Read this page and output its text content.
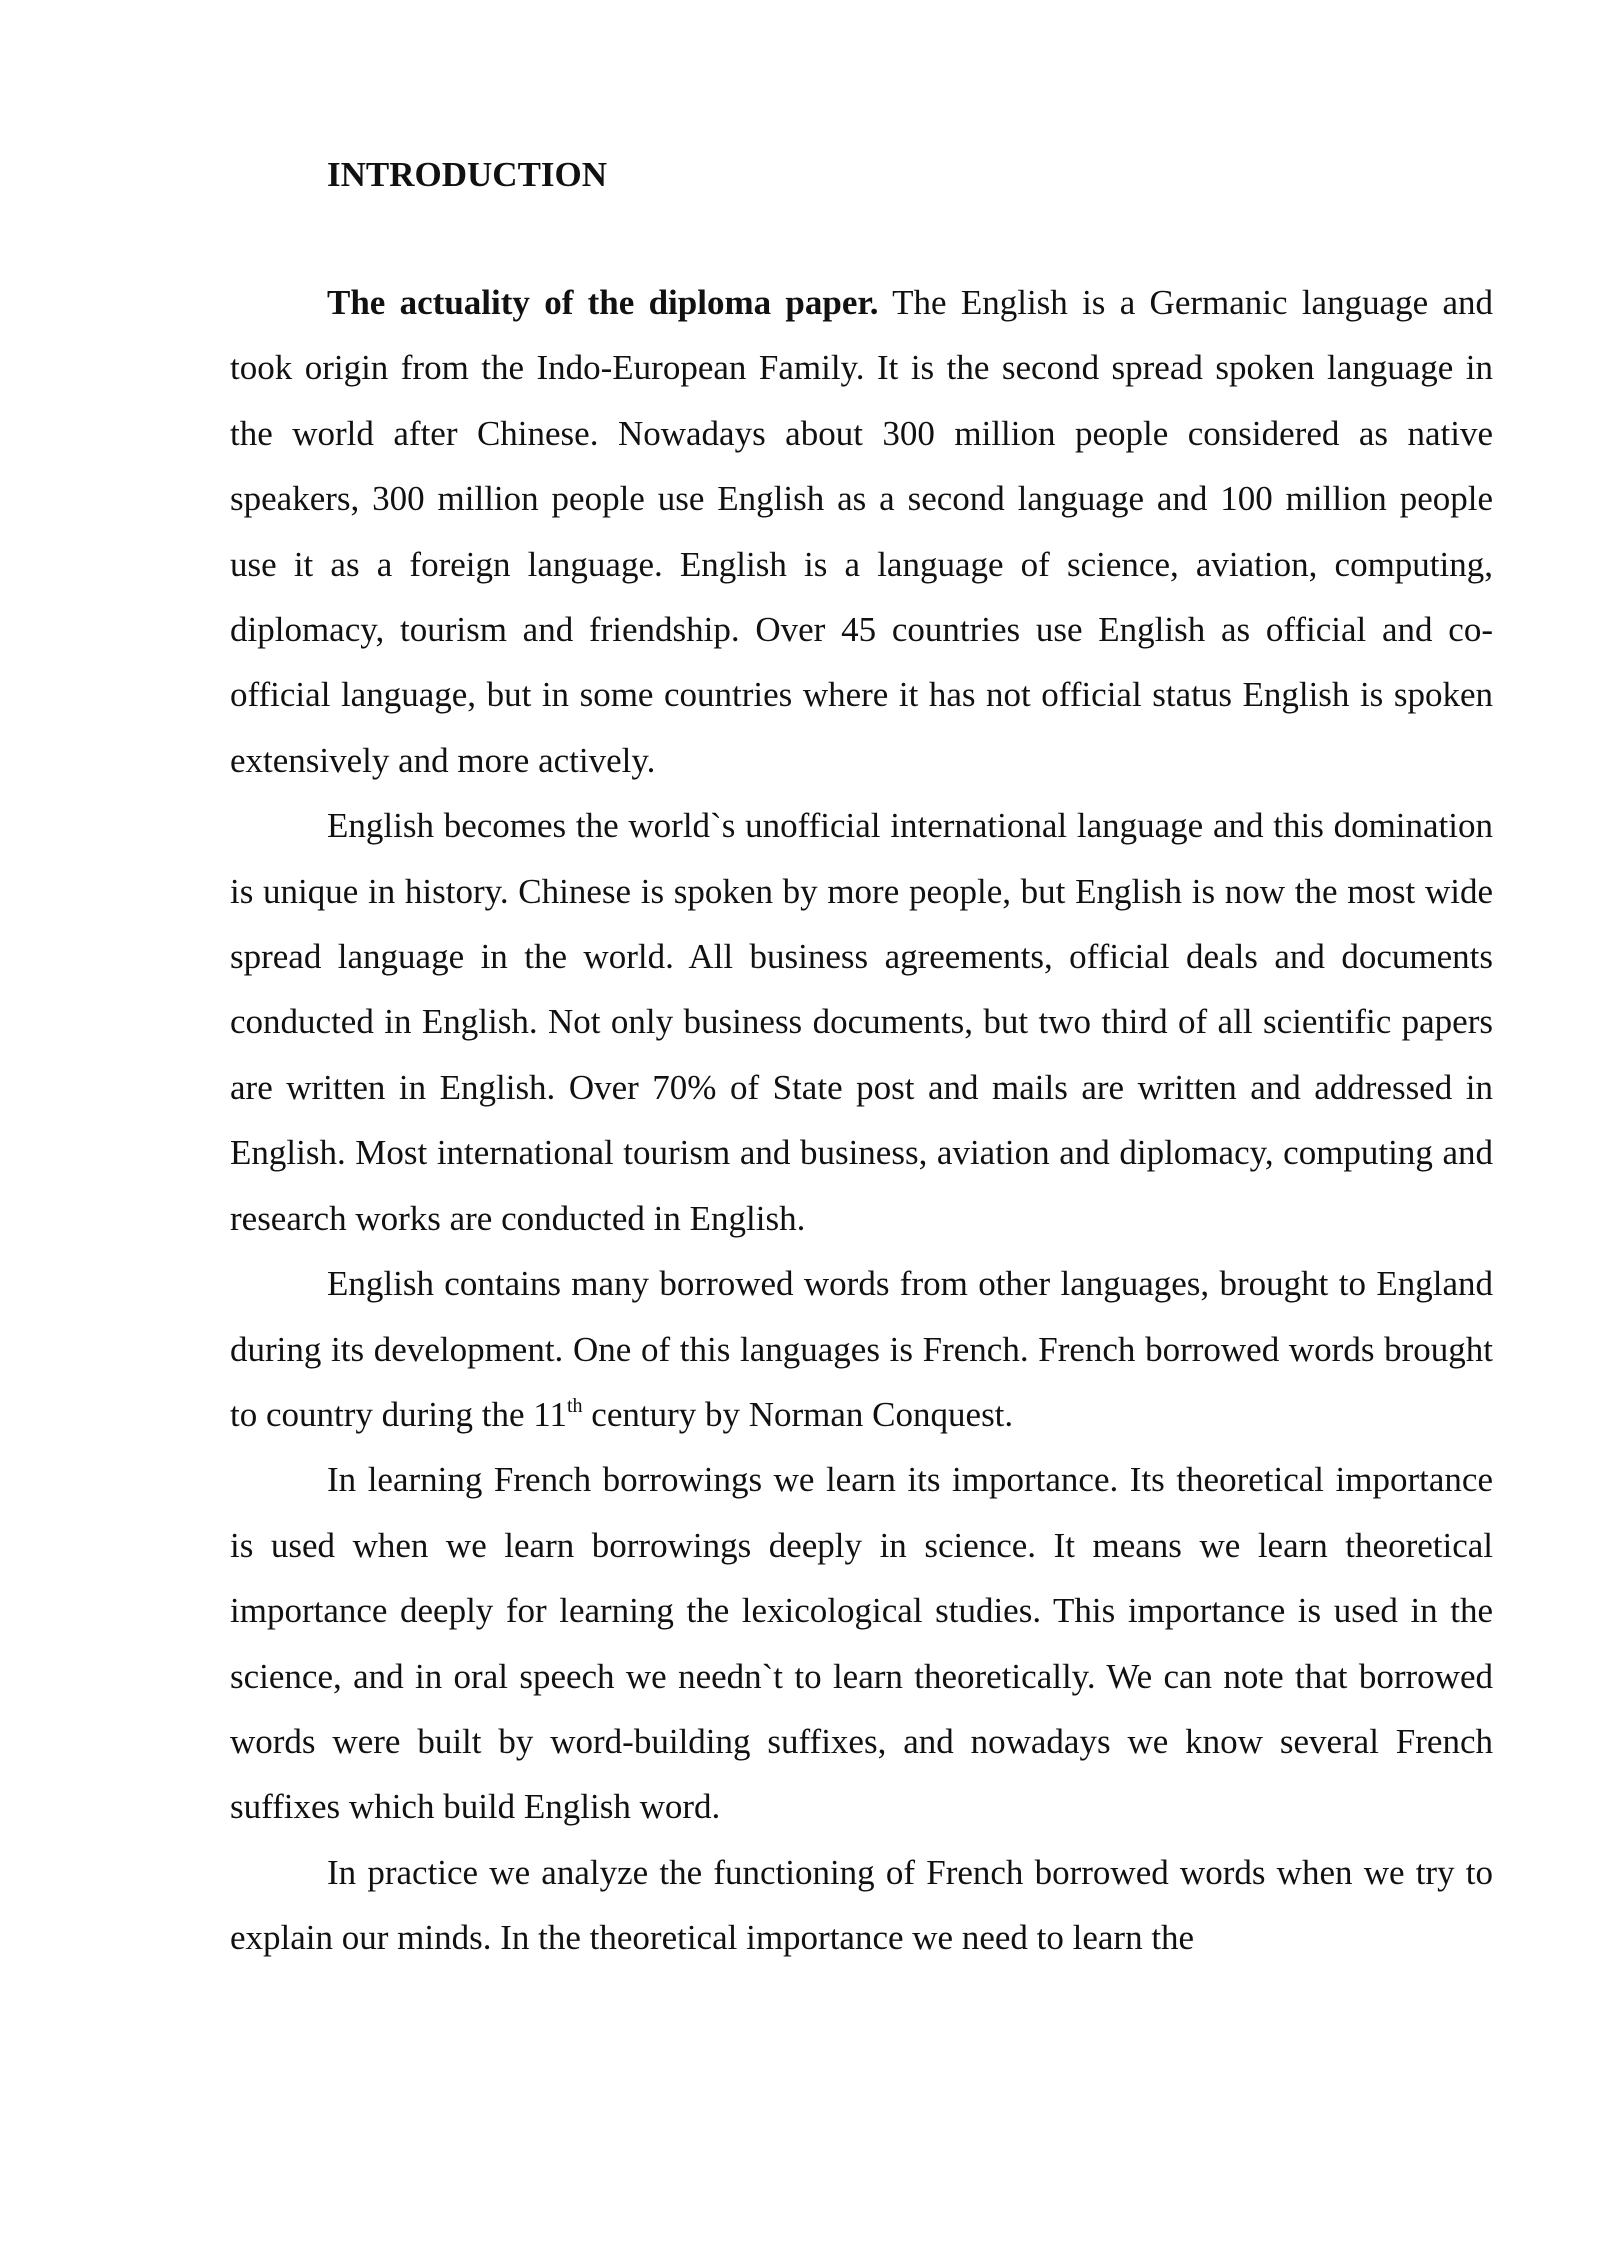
INTRODUCTION

The actuality of the diploma paper. The English is a Germanic language and took origin from the Indo-European Family. It is the second spread spoken language in the world after Chinese. Nowadays about 300 million people considered as native speakers, 300 million people use English as a second language and 100 million people use it as a foreign language. English is a language of science, aviation, computing, diplomacy, tourism and friendship. Over 45 countries use English as official and co-official language, but in some countries where it has not official status English is spoken extensively and more actively.

English becomes the world`s unofficial international language and this domination is unique in history. Chinese is spoken by more people, but English is now the most wide spread language in the world. All business agreements, official deals and documents conducted in English. Not only business documents, but two third of all scientific papers are written in English. Over 70% of State post and mails are written and addressed in English. Most international tourism and business, aviation and diplomacy, computing and research works are conducted in English.

English contains many borrowed words from other languages, brought to England during its development. One of this languages is French. French borrowed words brought to country during the 11th century by Norman Conquest.

In learning French borrowings we learn its importance. Its theoretical importance is used when we learn borrowings deeply in science. It means we learn theoretical importance deeply for learning the lexicological studies. This importance is used in the science, and in oral speech we needn`t to learn theoretically. We can note that borrowed words were built by word-building suffixes, and nowadays we know several French suffixes which build English word.

In practice we analyze the functioning of French borrowed words when we try to explain our minds. In the theoretical importance we need to learn the
